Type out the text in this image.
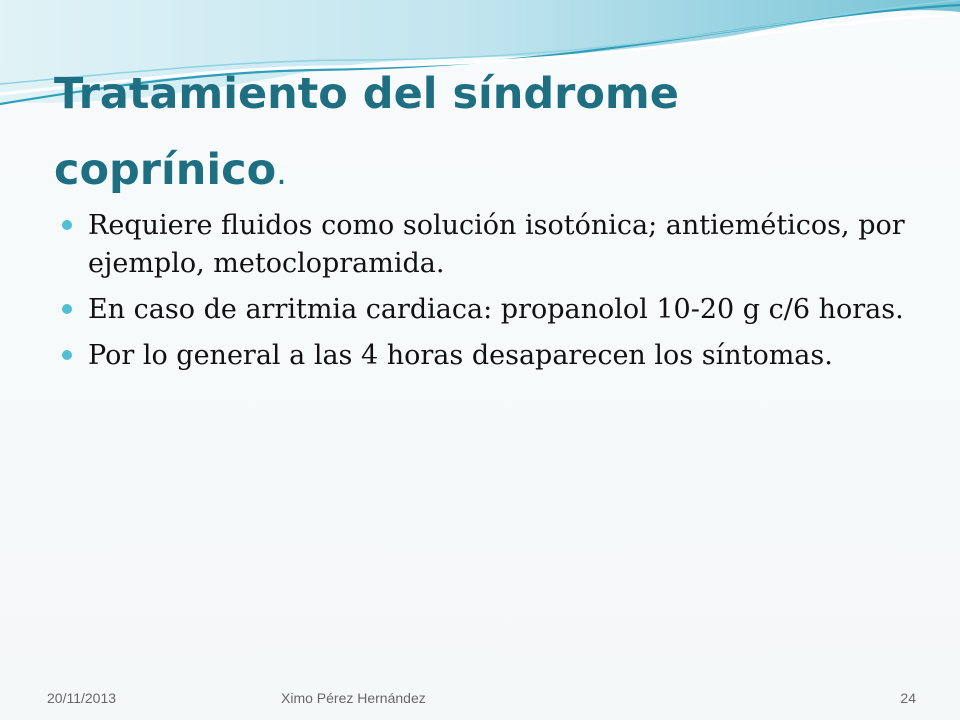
Tratamiento del síndrome
coprínico.
Requiere fluidos como solución isotónica; antieméticos, por ejemplo, metoclopramida.
En caso de arritmia cardiaca: propanolol 10-20 g c/6 horas.
Por lo general a las 4 horas desaparecen los síntomas.
20/11/2013	Ximo Pérez Hernández	24
